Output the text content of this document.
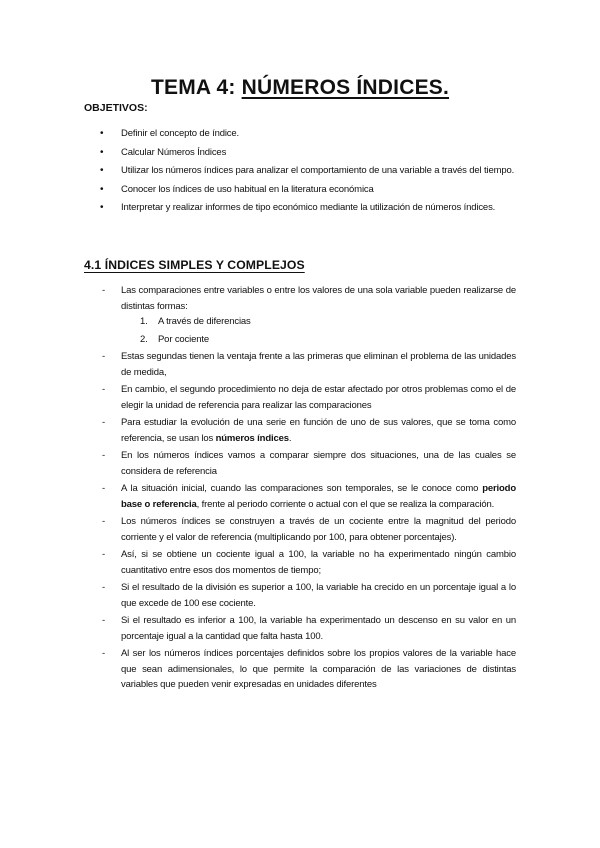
TEMA 4: NÚMEROS ÍNDICES.
OBJETIVOS:
• Definir el concepto de índice.
• Calcular Números Índices
• Utilizar los números índices para analizar el comportamiento de una variable a través del tiempo.
• Conocer los índices de uso habitual en la literatura económica
• Interpretar y realizar informes de tipo económico mediante la utilización de números índices.
4.1 ÍNDICES SIMPLES Y COMPLEJOS
- Las comparaciones entre variables o entre los valores de una sola variable pueden realizarse de distintas formas:
1. A través de diferencias
2. Por cociente
- Estas segundas tienen la ventaja frente a las primeras que eliminan el problema de las unidades de medida,
- En cambio, el segundo procedimiento no deja de estar afectado por otros problemas como el de elegir la unidad de referencia para realizar las comparaciones
- Para estudiar la evolución de una serie en función de uno de sus valores, que se toma como referencia, se usan los números índices.
- En los números índices vamos a comparar siempre dos situaciones, una de las cuales se considera de referencia
- A la situación inicial, cuando las comparaciones son temporales, se le conoce como periodo base o referencia, frente al periodo corriente o actual con el que se realiza la comparación.
- Los números índices se construyen a través de un cociente entre la magnitud del periodo corriente y el valor de referencia (multiplicando por 100, para obtener porcentajes).
- Así, si se obtiene un cociente igual a 100, la variable no ha experimentado ningún cambio cuantitativo entre esos dos momentos de tiempo;
- Si el resultado de la división es superior a 100, la variable ha crecido en un porcentaje igual a lo que excede de 100 ese cociente.
- Si el resultado es inferior a 100, la variable ha experimentado un descenso en su valor en un porcentaje igual a la cantidad que falta hasta 100.
- Al ser los números índices porcentajes definidos sobre los propios valores de la variable hace que sean adimensionales, lo que permite la comparación de las variaciones de distintas variables que pueden venir expresadas en unidades diferentes
